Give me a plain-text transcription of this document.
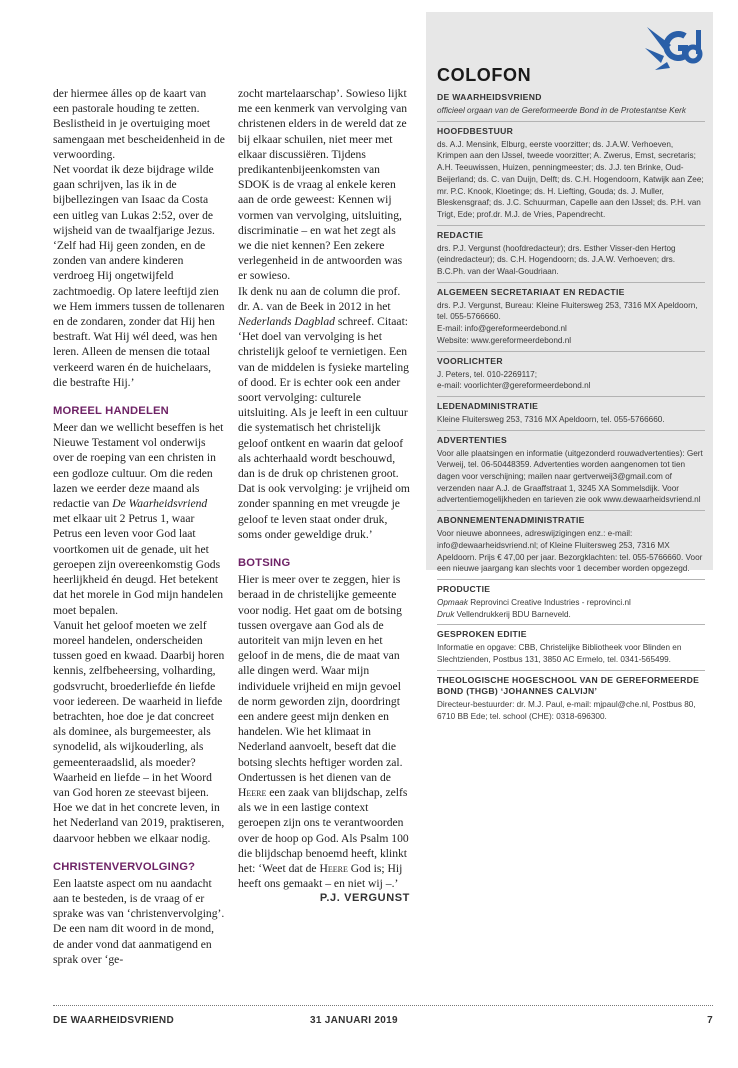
der hiermee álles op de kaart van een pastorale houding te zetten. Beslistheid in je overtuiging moet samengaan met bescheidenheid in de verwoording.

Net voordat ik deze bijdrage wilde gaan schrijven, las ik in de bijbellezingen van Isaac da Costa een uitleg van Lukas 2:52, over de wijsheid van de twaalfjarige Jezus. ‘Zelf had Hij geen zonden, en de zonden van andere kinderen verdroeg Hij ongetwijfeld zachtmoedig. Op latere leeftijd zien we Hem immers tussen de tollenaren en de zondaren, zonder dat Hij hen bestraft. Wat Hij wél deed, was hen leren. Alleen de mensen die totaal verkeerd waren én de huichelaars, die bestrafte Hij.’

MOREEL HANDELEN

Meer dan we wellicht beseffen is het Nieuwe Testament vol onderwijs over de roeping van een christen in een godloze cultuur. Om die reden lazen we eerder deze maand als redactie van De Waarheidsvriend met elkaar uit 2 Petrus 1, waar Petrus een leven voor God laat voortkomen uit de genade, uit het geroepen zijn overeenkomstig Gods heerlijkheid én deugd. Het betekent dat het morele in God mijn handelen moet bepalen.

Vanuit het geloof moeten we zelf moreel handelen, onderscheiden tussen goed en kwaad. Daarbij horen kennis, zelfbeheersing, volharding, godsvrucht, broederliefde én liefde voor iedereen. De waarheid in liefde betrachten, hoe doe je dat concreet als dominee, als burgemeester, als synodelid, als wijkouderling, als gemeenteraadslid, als moeder? Waarheid en liefde – in het Woord van God horen ze steevast bijeen. Hoe we dat in het concrete leven, in het Nederland van 2019, praktiseren, daarvoor hebben we elkaar nodig.

CHRISTENVERVOLGING?

Een laatste aspect om nu aandacht aan te besteden, is de vraag of er sprake was van ‘christenvervolging’. De een nam dit woord in de mond, de ander vond dat aanmatigend en sprak over ‘ge-

zocht martelaarschap’. Sowieso lijkt me een kenmerk van vervolging van christenen elders in de wereld dat ze bij elkaar schuilen, niet meer met elkaar discussiëren. Tijdens predikantenbijeenkomsten van SDOK is de vraag al enkele keren aan de orde geweest: Kennen wij vormen van vervolging, uitsluiting, discriminatie – en wat het zegt als we die niet kennen? Een zekere verlegenheid in de antwoorden was er sowieso.

Ik denk nu aan de column die prof. dr. A. van de Beek in 2012 in het Nederlands Dagblad schreef. Citaat: ‘Het doel van vervolging is het christelijk geloof te vernietigen. Een van de middelen is fysieke marteling of dood. Er is echter ook een ander soort vervolging: culturele uitsluiting. Als je leeft in een cultuur die systematisch het christelijk geloof ontkent en waarin dat geloof als achterhaald wordt beschouwd, dan is de druk op christenen groot. Dat is ook vervolging: je vrijheid om zonder spanning en met vreugde je geloof te leven staat onder druk, soms onder geweldige druk.’

BOTSING

Hier is meer over te zeggen, hier is beraad in de christelijke gemeente voor nodig. Het gaat om de botsing tussen overgave aan God als de autoriteit van mijn leven en het geloof in de mens, die de maat van alle dingen werd. Waar mijn individuele vrijheid en mijn gevoel de norm geworden zijn, doordringt een andere geest mijn denken en handelen. Wie het klimaat in Nederland aanvoelt, beseft dat die botsing slechts heftiger worden zal.

Ondertussen is het dienen van de Heere een zaak van blijdschap, zelfs als we in een lastige context geroepen zijn ons te verantwoorden over de hoop op God. Als Psalm 100 die blijdschap benoemd heeft, klinkt het: ‘Weet dat de Heere God is; Hij heeft ons gemaakt – en niet wij –.’

P.J. VERGUNST
COLOFON
DE WAARHEIDSVRIEND

officieel orgaan van de Gereformeerde Bond in de Protestantse Kerk

HOOFDBESTUUR

ds. A.J. Mensink, Elburg, eerste voorzitter; ds. J.A.W. Verhoeven, Krimpen aan den IJssel, tweede voorzitter; A. Zwerus, Emst, secretaris; A.H. Teeuwissen, Huizen, penningmeester; ds. J.J. ten Brinke, Oud-Beijerland; ds. C. van Duijn, Delft; ds. C.H. Hogendoorn, Katwijk aan Zee; mr. P.C. Knook, Kloetinge; ds. H. Liefting, Gouda; ds. J. Muller, Bleskensgraaf; ds. J.C. Schuurman, Capelle aan den IJssel; ds. P.H. van Trigt, Ede; prof.dr. M.J. de Vries, Papendrecht.

REDACTIE

drs. P.J. Vergunst (hoofdredacteur); drs. Esther Visser-den Hertog (eindredacteur); ds. C.H. Hogendoorn; ds. J.A.W. Verhoeven; drs. B.C.Ph. van der Waal-Goudriaan.

ALGEMEEN SECRETARIAAT EN REDACTIE

drs. P.J. Vergunst, Bureau: Kleine Fluitersweg 253, 7316 MX Apeldoorn, tel. 055-5766660.
E-mail: info@gereformeerdebond.nl
Website: www.gereformeerdebond.nl

VOORLICHTER

J. Peters, tel. 010-2269117;
e-mail: voorlichter@gereformeerdebond.nl

LEDENADMINISTRATIE

Kleine Fluitersweg 253, 7316 MX Apeldoorn, tel. 055-5766660.

ADVERTENTIES

Voor alle plaatsingen en informatie (uitgezonderd rouwadvertenties): Gert Verweij, tel. 06-50448359. Advertenties worden aangenomen tot tien dagen voor verschijning; mailen naar gertverweij3@gmail.com of verzenden naar A.J. de Graaffstraat 1, 3245 XA Sommelsdijk. Voor advertentiemogelijkheden en tarieven zie ook www.dewaarheidsvriend.nl

ABONNEMENTENADMINISTRATIE

Voor nieuwe abonnees, adreswijzigingen enz.: e-mail: info@dewaarheidsvriend.nl; of Kleine Fluitersweg 253, 7316 MX Apeldoorn. Prijs € 47,00 per jaar. Bezorgklachten: tel. 055-5766660. Voor een nieuwe jaargang kan slechts voor 1 december worden opgezegd.

PRODUCTIE

Opmaak Reprovinci Creative Industries - reprovinci.nl
Druk Vellendrukkerij BDU Barneveld.

GESPROKEN EDITIE

Informatie en opgave: CBB, Christelijke Bibliotheek voor Blinden en Slechtzienden, Postbus 131, 3850 AC Ermelo, tel. 0341-565499.

THEOLOGISCHE HOGESCHOOL VAN DE GEREFORMEERDE BOND (THGB) ‘JOHANNES CALVIJN’

Directeur-bestuurder: dr. M.J. Paul, e-mail: mjpaul@che.nl, Postbus 80, 6710 BB Ede; tel. school (CHE): 0318-696300.

DE WAARHEIDSVRIEND	31 JANUARI 2019	7
